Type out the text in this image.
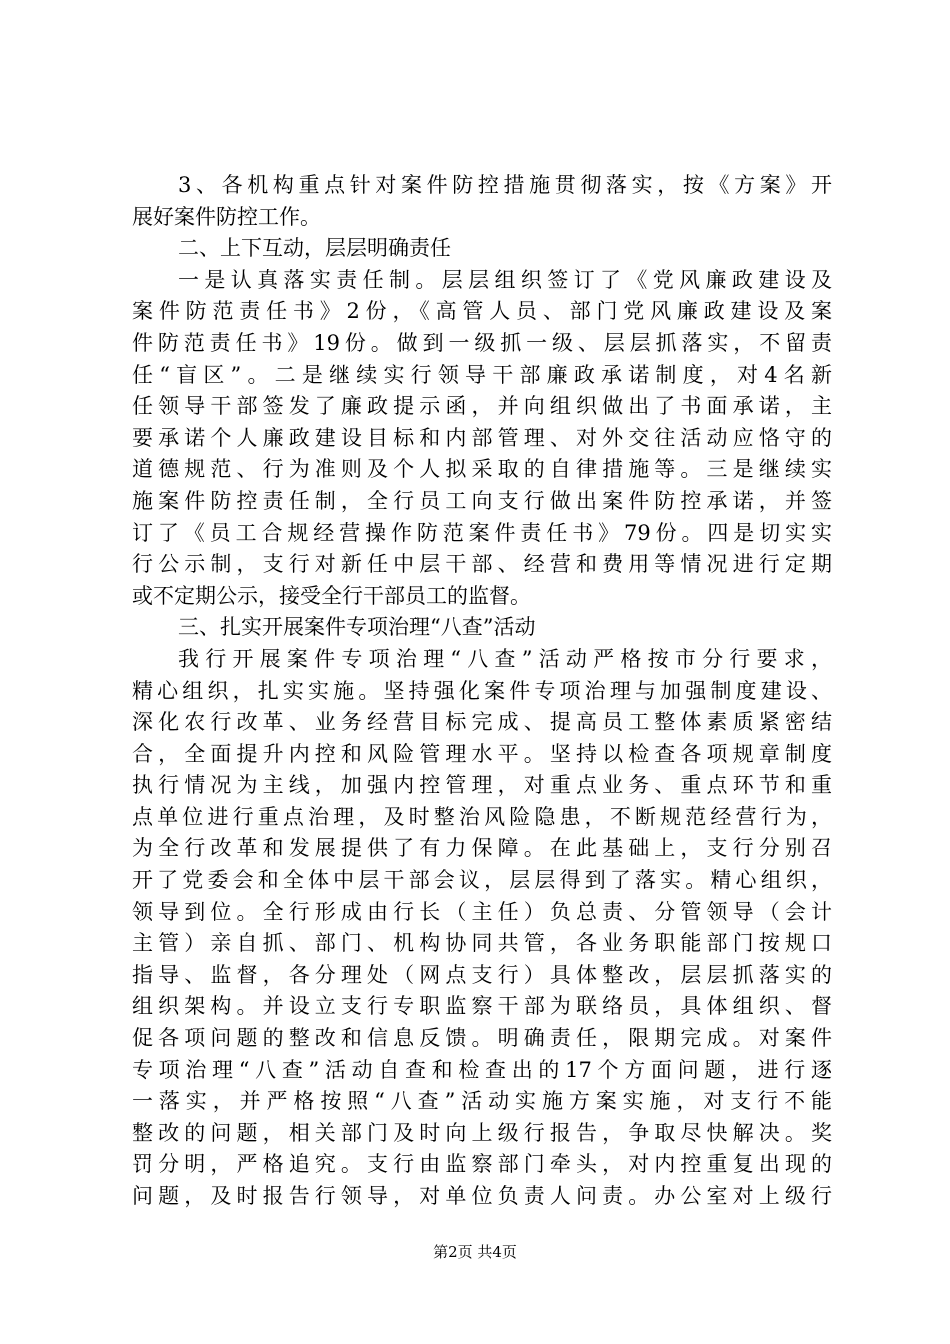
3、各机构重点针对案件防控措施贯彻落实，按《方案》开
展好案件防控工作。
二、上下互动，层层明确责任
一是认真落实责任制。层层组织签订了《党风廉政建设及
案件防范责任书》2份，《高管人员、部门党风廉政建设及案
件防范责任书》19份。做到一级抓一级、层层抓落实，不留责
任“盲区”。二是继续实行领导干部廉政承诺制度，对4名新
任领导干部签发了廉政提示函，并向组织做出了书面承诺，主
要承诺个人廉政建设目标和内部管理、对外交往活动应恪守的
道德规范、行为准则及个人拟采取的自律措施等。三是继续实
施案件防控责任制，全行员工向支行做出案件防控承诺，并签
订了《员工合规经营操作防范案件责任书》79份。四是切实实
行公示制，支行对新任中层干部、经营和费用等情况进行定期
或不定期公示，接受全行干部员工的监督。
三、扎实开展案件专项治理“八查”活动
我行开展案件专项治理“八查”活动严格按市分行要求，
精心组织，扎实实施。坚持强化案件专项治理与加强制度建设、
深化农行改革、业务经营目标完成、提高员工整体素质紧密结
合，全面提升内控和风险管理水平。坚持以检查各项规章制度
执行情况为主线，加强内控管理，对重点业务、重点环节和重
点单位进行重点治理，及时整治风险隐患，不断规范经营行为，
为全行改革和发展提供了有力保障。在此基础上，支行分别召
开了党委会和全体中层干部会议，层层得到了落实。精心组织，
领导到位。全行形成由行长（主任）负总责、分管领导（会计
主管）亲自抓、部门、机构协同共管，各业务职能部门按规口
指导、监督，各分理处（网点支行）具体整改，层层抓落实的
组织架构。并设立支行专职监察干部为联络员，具体组织、督
促各项问题的整改和信息反馈。明确责任，限期完成。对案件
专项治理“八查”活动自查和检查出的17个方面问题，进行逐
一落实，并严格按照“八查”活动实施方案实施，对支行不能
整改的问题，相关部门及时向上级行报告，争取尽快解决。奖
罚分明，严格追究。支行由监察部门牵头，对内控重复出现的
问题，及时报告行领导，对单位负责人问责。办公室对上级行
第2页 共4页
